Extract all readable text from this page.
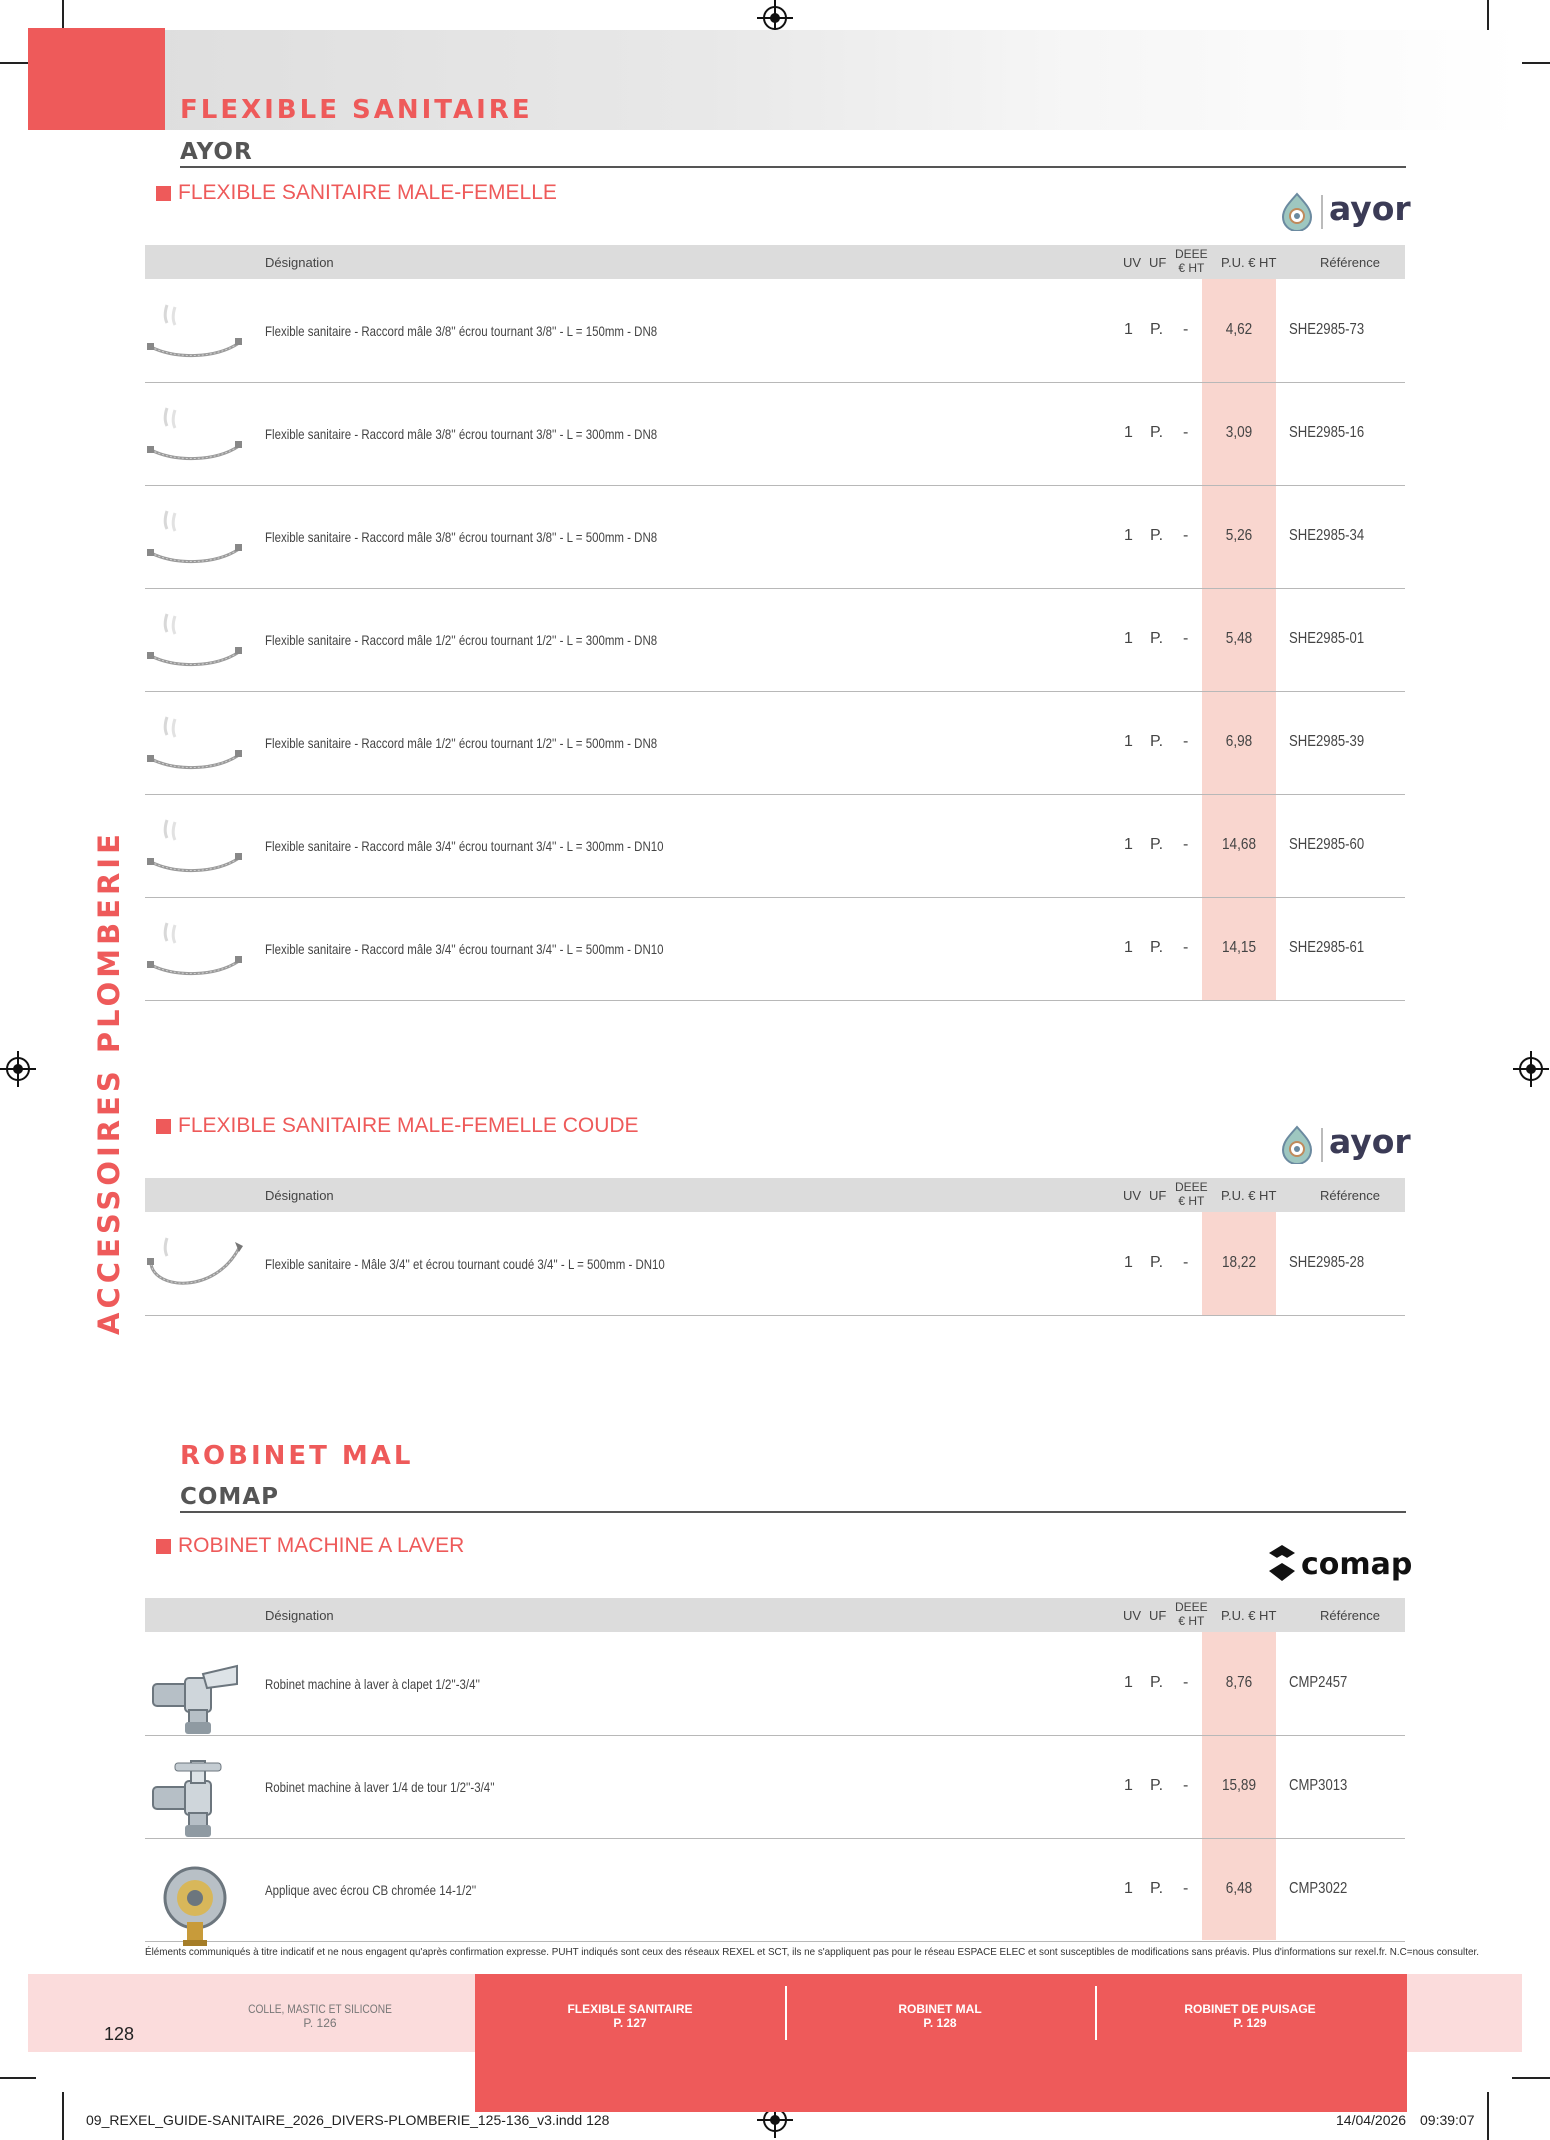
FLEXIBLE SANITAIRE
AYOR
ACCESSOIRES PLOMBERIE
FLEXIBLE SANITAIRE MALE-FEMELLE	ayor
Désignation	UV UF
DEEE
€ HT P.U. € HT	Référence
Flexible sanitaire - Raccord mâle 3/8'' écrou tournant 3/8'' - L = 150mm - DN8	1 P. -	4,62	SHE2985-73
Flexible sanitaire - Raccord mâle 3/8'' écrou tournant 3/8'' - L = 300mm - DN8	1 P. -	3,09	SHE2985-16
Flexible sanitaire - Raccord mâle 3/8'' écrou tournant 3/8'' - L = 500mm - DN8	1 P. -	5,26	SHE2985-34
Flexible sanitaire - Raccord mâle 1/2'' écrou tournant 1/2'' - L = 300mm - DN8	1 P. -	5,48	SHE2985-01
Flexible sanitaire - Raccord mâle 1/2'' écrou tournant 1/2'' - L = 500mm - DN8	1 P. -	6,98	SHE2985-39
Flexible sanitaire - Raccord mâle 3/4'' écrou tournant 3/4'' - L = 300mm - DN10	1 P. -	14,68	SHE2985-60
Flexible sanitaire - Raccord mâle 3/4'' écrou tournant 3/4'' - L = 500mm - DN10	1 P. -	14,15	SHE2985-61
FLEXIBLE SANITAIRE MALE-FEMELLE COUDE	ayor
Désignation	UV UF
DEEE
€ HT P.U. € HT	Référence
Flexible sanitaire - Mâle 3/4'' et écrou tournant coudé 3/4'' - L = 500mm - DN10	1 P. -	18,22	SHE2985-28
ROBINET MAL
COMAP
ROBINET MACHINE A LAVER
comap
Désignation	UV UF
DEEE
€ HT P.U. € HT	Référence
Robinet machine à laver à clapet 1/2''-3/4''	1 P. -	8,76	CMP2457
Robinet machine à laver 1/4 de tour 1/2''-3/4''	1 P. -	15,89	CMP3013
Applique avec écrou CB chromée 14-1/2''	1 P. -	6,48	CMP3022
Éléments communiqués à titre indicatif et ne nous engagent qu'après confirmation expresse. PUHT indiqués sont ceux des réseaux REXEL et SCT, ils ne s'appliquent pas pour le réseau ESPACE ELEC et sont susceptibles de modifications sans préavis. Plus d'informations sur rexel.fr. N.C=nous consulter.
COLLE, MASTIC ET SILICONE
P. 126
FLEXIBLE SANITAIRE
P. 127
ROBINET MAL
P. 128
ROBINET DE PUISAGE
P. 129
128
09_REXEL_GUIDE-SANITAIRE_2026_DIVERS-PLOMBERIE_125-136_v3.indd 128	14/04/2026 09:39:07
